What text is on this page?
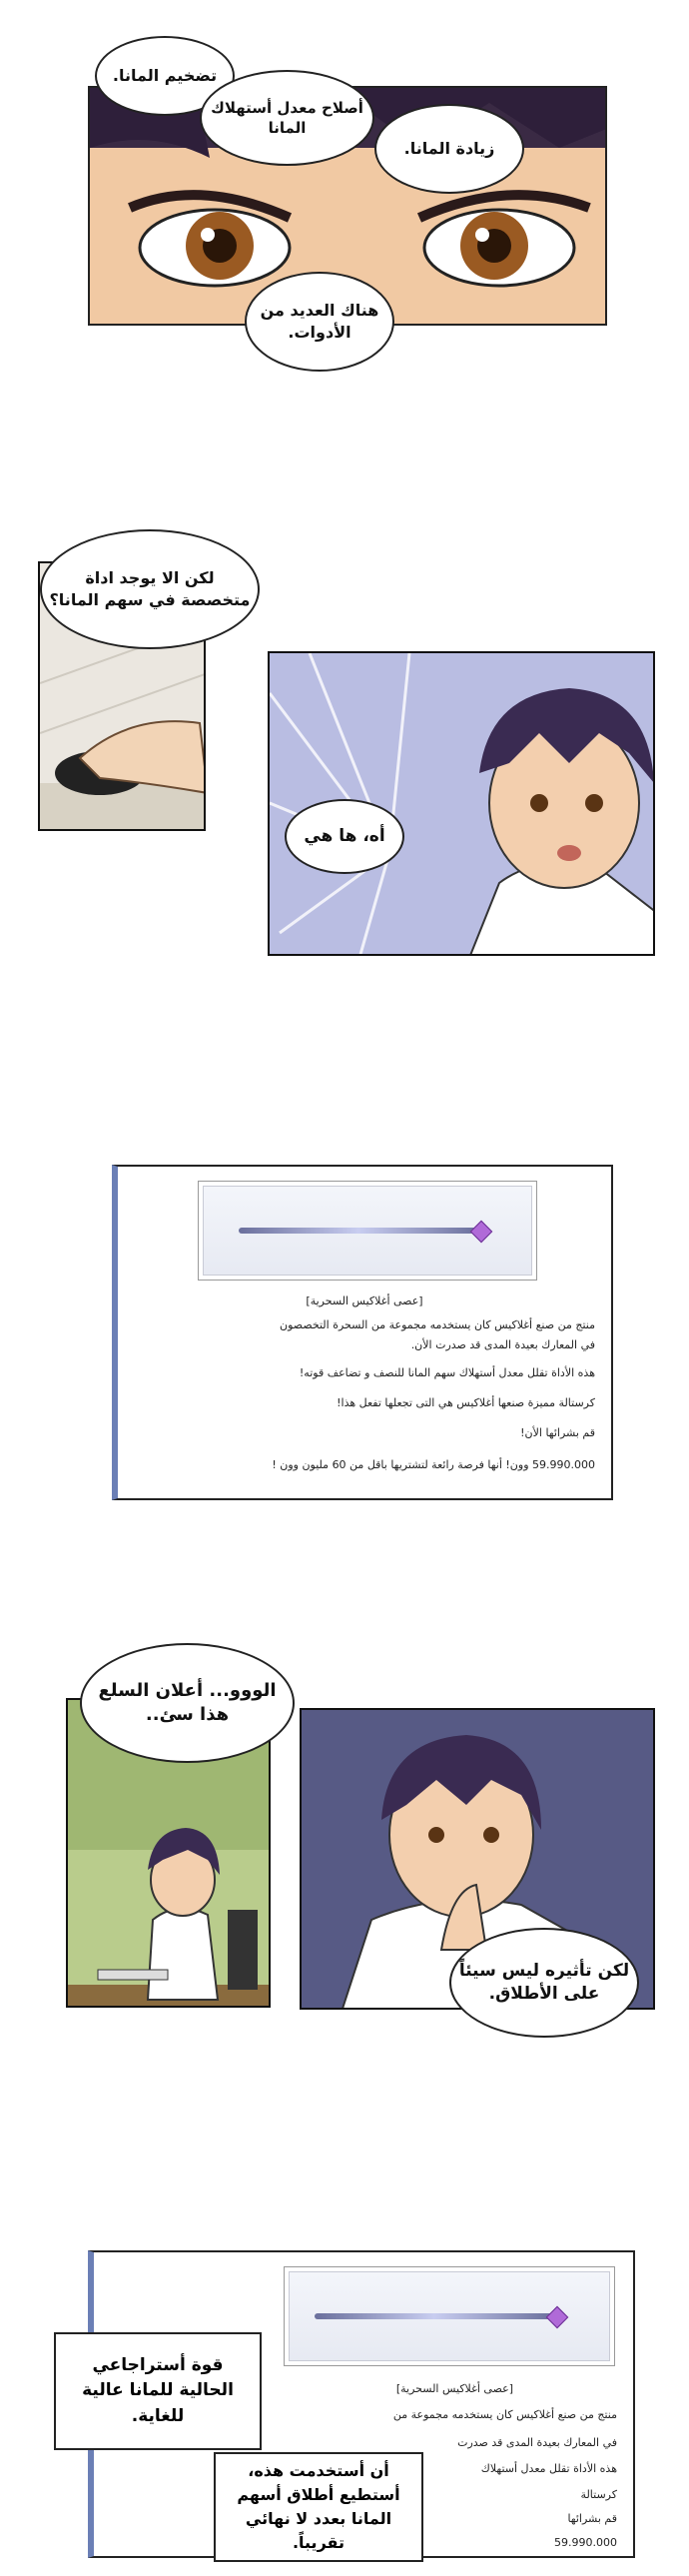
تضخيم المانا.
أصلاح معدل أستهلاك المانا
زيادة المانا.
هناك العديد من الأدوات.
لكن الا يوجد اداة متخصصة في سهم المانا؟
أه، ها هي
[عصى أغلاكيس السحرية]
منتج من صنع أغلاكيس كان يستخدمه مجموعة من السحرة التخصصون
في المعارك بعيدة المدى قد صدرت الأن.
هذه الأداة تقلل معدل أستهلاك سهم المانا للنصف و تضاعف قوته!
كرستالة مميزة صنعها أغلاكيس هي التى تجعلها تفعل هذا!
قم بشرائها الأن!
59.990.000 وون! أنها فرصة رائعة لتشتريها باقل من 60 مليون وون !
الووو... أعلان السلع هذا سئ..
لكن تأثيره ليس سيئاً على الأطلاق.
[عصى أغلاكيس السحرية]
منتج من صنع أغلاكيس كان يستخدمه مجموعة من
في المعارك بعيدة المدى قد صدرت
هذه الأداة تقلل معدل أستهلاك
كرستالة
قم بشرائها
59.990.000
قوة أستراجاعي الحالية للمانا عالية للغاية.
أن أستخدمت هذه،
أستطيع أطلاق أسهم المانا بعدد لا نهائي تقريباً.
